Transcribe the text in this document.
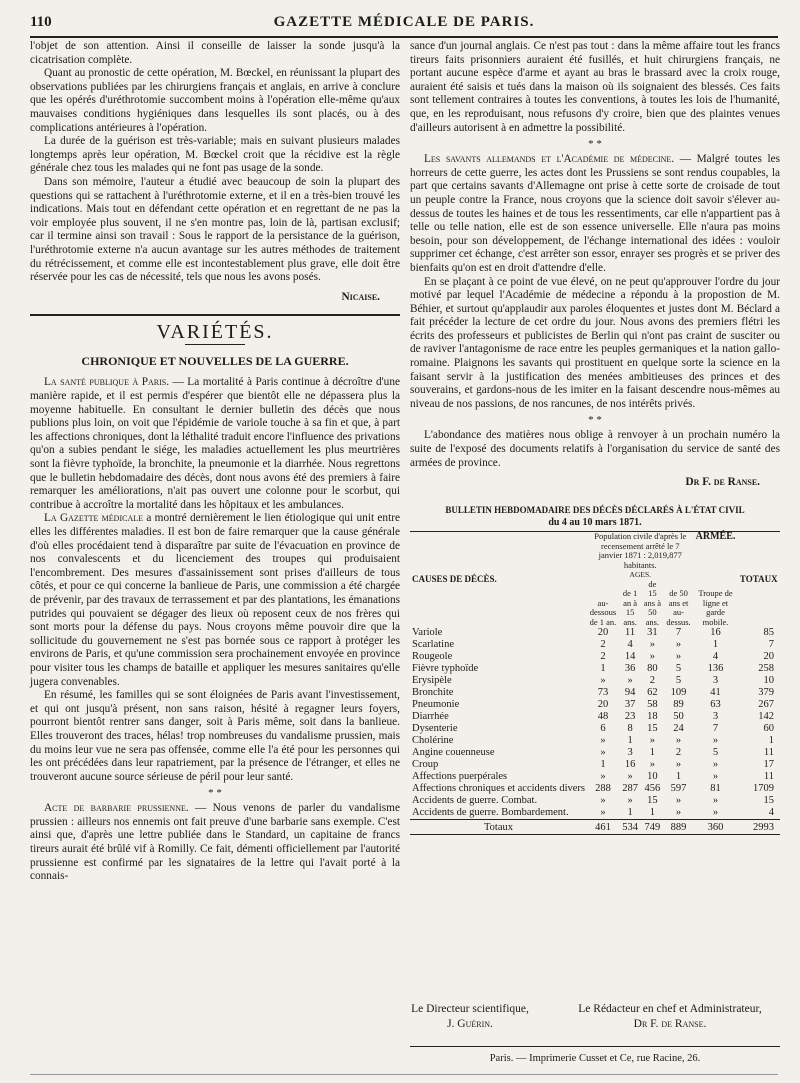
110	GAZETTE MÉDICALE DE PARIS.

l'objet de son attention. Ainsi il conseille de laisser la sonde jusqu'à la cicatrisation complète.

Quant au pronostic de cette opération, M. Bœckel, en réunissant la plupart des observations publiées par les chirurgiens français et anglais, en arrive à conclure que les opérés d'uréthrotomie succombent moins à l'opération elle-même qu'aux mauvaises conditions hygiéniques dans lesquelles ils sont placés, ou à des complications antérieures à l'opération.

La durée de la guérison est très-variable; mais en suivant plusieurs malades longtemps après leur opération, M. Bœckel croit que la récidive est la règle générale chez tous les malades qui ne font pas usage de la sonde.

Dans son mémoire, l'auteur a étudié avec beaucoup de soin la plupart des questions qui se rattachent à l'uréthrotomie externe, et il en a très-bien trouvé les indications. Mais tout en défendant cette opération et en regrettant de ne pas la voir employée plus souvent, il ne s'en montre pas, loin de là, partisan exclusif; car il termine ainsi son travail : Sous le rapport de la persistance de la guérison, l'uréthrotomie externe n'a aucun avantage sur les autres méthodes de traitement du rétrécissement, et comme elle est incontestablement plus grave, elle doit être réservée pour les cas de nécessité, tels que nous les avons posés.

Nicaise.

VARIÉTÉS.
CHRONIQUE ET NOUVELLES DE LA GUERRE.

La santé publique à Paris. — La mortalité à Paris continue à décroître d'une manière rapide, et il est permis d'espérer que bientôt elle ne dépassera plus la moyenne habituelle. En consultant le dernier bulletin des décès que nous publions plus loin, on voit que l'épidémie de variole touche à sa fin et que, à part les affections chroniques, dont la léthalité traduit encore l'influence des privations qu'on a subies pendant le siége, les maladies actuellement les plus meurtrières sont la fièvre typhoïde, la bronchite, la pneumonie et la diarrhée. Nous regrettons que le bulletin hebdomadaire des décès, dont nous avons été des premiers à faire remarquer les améliorations, n'ait pas ouvert une colonne pour le scorbut, qui contribue à accroître la mortalité dans les hôpitaux et les ambulances.

La Gazette médicale a montré dernièrement le lien étiologique qui unit entre elles les différentes maladies. Il est bon de faire remarquer que la cause générale d'où elles procédaient tend à disparaître par suite de l'évacuation en province de nos convalescents et du licenciement des troupes qui produisaient l'encombrement. Des mesures d'assainissement sont prises d'ailleurs de tous côtés, et pour ce qui concerne la banlieue de Paris, une commission a été chargée de prévenir, par des travaux de terrassement et par des plantations, les émanations putrides qui pouvaient se dégager des lieux où reposent ceux de nos frères qui sont morts pour la défense du pays. Nous croyons même pouvoir dire que la sollicitude du gouvernement ne s'est pas bornée sous ce rapport à protéger les environs de Paris, et qu'une commission sera prochainement envoyée en province pour visiter tous les champs de bataille et appliquer les mesures sanitaires qu'elle jugera convenables.

En résumé, les familles qui se sont éloignées de Paris avant l'investissement, et qui ont jusqu'à présent, non sans raison, hésité à regagner leurs foyers, pourront bientôt rentrer sans danger, soit à Paris même, soit dans la banlieue. Elles trouveront des traces, hélas! trop nombreuses du vandalisme prussien, mais du moins leur vue ne sera pas offensée, comme elle l'a été pour les personnes qui les ont précédées dans leur rapatriement, par la présence de l'étranger, et elles ne trouveront aucune source sérieuse de péril pour leur santé.

* *

Acte de barbarie prussienne. — Nous venons de parler du vandalisme prussien : ailleurs nos ennemis ont fait preuve d'une barbarie sans exemple. C'est ainsi que, d'après une lettre publiée dans le Standard, un capitaine de francs tireurs aurait été brûlé vif à Romilly. Ce fait, démenti officiellement par l'autorité prussienne est confirmé par les signataires de la lettre qui l'avait porté à la connais-

sance d'un journal anglais. Ce n'est pas tout : dans la même affaire tout les francs tireurs faits prisonniers auraient été fusillés, et huit chirurgiens français, ne portant aucune espèce d'arme et ayant au bras le brassard avec la croix rouge, auraient été saisis et tués dans la maison où ils soignaient des blessés. Ces faits sont tellement contraires à toutes les conventions, à toutes les lois de l'humanité, que, en les reproduisant, nous refusons d'y croire, bien que des plaintes venues d'ailleurs autorisent à en admettre la possibilité.

* *

Les savants allemands et l'Académie de médecine. — Malgré toutes les horreurs de cette guerre, les actes dont les Prussiens se sont rendus coupables, la part que certains savants d'Allemagne ont prise à cette sorte de croisade de tout un peuple contre la France, nous croyons que la science doit savoir s'élever au-dessus de toutes les haines et de tous les ressentiments, car elle n'appartient pas à telle ou telle nation, elle est de son essence universelle. Elle n'aura pas moins besoin, pour son développement, de l'échange international des idées : vouloir supprimer cet échange, c'est arrêter son essor, enrayer ses progrès et se priver des bienfaits qu'on est en droit d'attendre d'elle.

En se plaçant à ce point de vue élevé, on ne peut qu'approuver l'ordre du jour motivé par lequel l'Académie de médecine a répondu à la propostion de M. Béhier, et surtout qu'applaudir aux paroles éloquentes et justes dont M. Béclard a fait précéder la lecture de cet ordre du jour. Nous avons des premiers flétri les écrits des professeurs et publicistes de Berlin qui n'ont pas craint de susciter ou de raviver l'antagonisme de race entre les peuples germaniques et la nation gallo-romaine. Plaignons les savants qui prostituent en quelque sorte la science en la faisant servir à la justification des menées ambitieuses des princes et des souverains, et gardons-nous de les imiter en la faisant descendre nous-mêmes au niveau de nos passions, de nos rancunes, de nos intérêts privés.

* *

L'abondance des matières nous oblige à renvoyer à un prochain numéro la suite de l'exposé des documents relatifs à l'organisation du service de santé des armées de province.

Dr F. de Ranse.

BULLETIN HEBDOMADAIRE DES DÉCÈS DÉCLARÉS À L'ÉTAT CIVIL
du 4 au 10 mars 1871.
CAUSES DE DÉCÈS.	Population civile d'après le recensement arrêté le 7 janvier 1871 : 2,019,877 habitants.				ARMÉE.	TOTAUX
	AGES.				Troupe de ligne et garde mobile.	
	au-dessous de 1 an.	de 1 an à 15 ans.	de 15 ans à 50 ans.	de 50 ans et au-dessus.		
Variole	20	11	31	7	16	85
Scarlatine	2	4	»	»	1	7
Rougeole	2	14	»	»	4	20
Fièvre typhoïde	1	36	80	5	136	258
Érysipèle	»	»	2	5	3	10
Bronchite	73	94	62	109	41	379
Pneumonie	20	37	58	89	63	267
Diarrhée	48	23	18	50	3	142
Dysenterie	6	8	15	24	7	60
Cholérine	»	1	»	»	»	1
Angine couenneuse	»	3	1	2	5	11
Croup	1	16	»	»	»	17
Affections puerpérales	»	»	10	1	»	11
Affections chroniques et accidents divers	288	287	456	597	81	1709
Accidents de guerre. Combat.	»	»	15	»	»	15
Accidents de guerre. Bombardement.	»	1	1	»	»	4
Totaux	461	534	749	889	360	2993
Le Directeur scientifique,
J. Guérin.
Le Rédacteur en chef et Administrateur,
Dr F. de Ranse.
Paris. — Imprimerie Cusset et Ce, rue Racine, 26.
